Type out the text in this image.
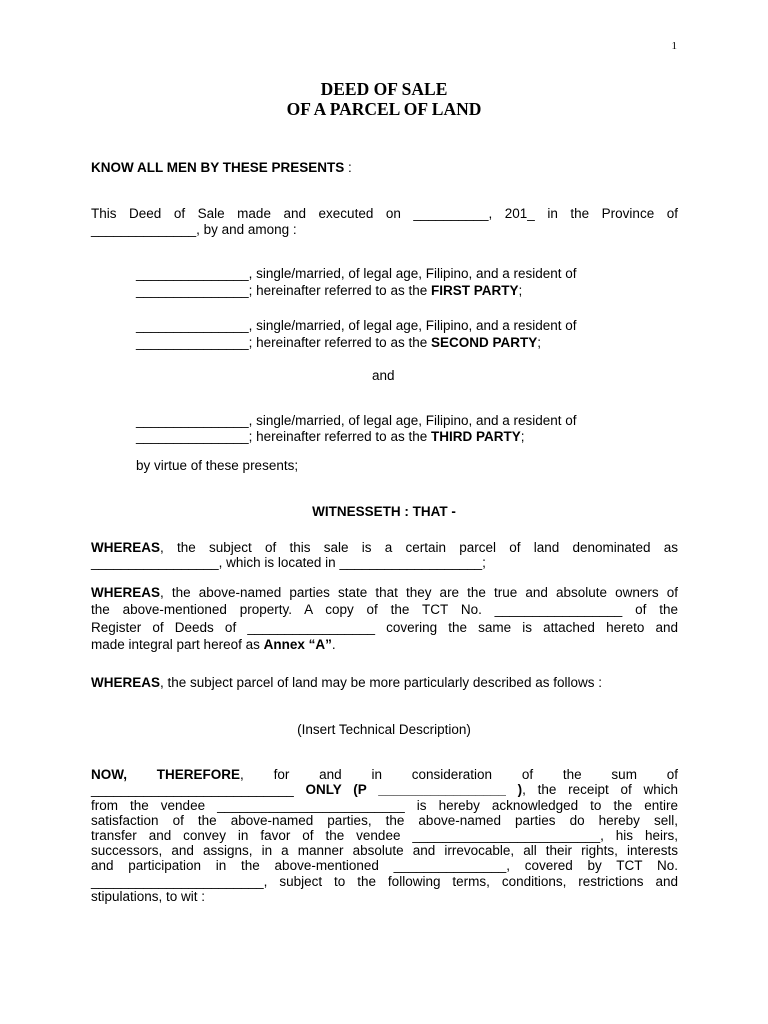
1
DEED OF SALE
OF A PARCEL OF LAND
KNOW ALL MEN BY THESE PRESENTS :
This Deed of Sale made and executed on __________, 201_ in the Province of
______________, by and among :
_______________, single/married, of legal age, Filipino, and a resident of
_______________; hereinafter referred to as the FIRST PARTY;
_______________, single/married, of legal age, Filipino, and a resident of
_______________; hereinafter referred to as the SECOND PARTY;
and
_______________, single/married, of legal age, Filipino, and a resident of
_______________; hereinafter referred to as the THIRD PARTY;
by virtue of these presents;
WITNESSETH : THAT -
WHEREAS, the subject of this sale is a certain parcel of land denominated as
_________________, which is located in ___________________;
WHEREAS, the above-named parties state that they are the true and absolute owners of
the above-mentioned property. A copy of the TCT No. _________________ of the
Register of Deeds of _________________ covering the same is attached hereto and
made integral part hereof as Annex “A”.
WHEREAS, the subject parcel of land may be more particularly described as follows :
(Insert Technical Description)
NOW, THEREFORE, for and in consideration of the sum of
___________________________ ONLY (P _________________ ), the receipt of which
from the vendee _________________________ is hereby acknowledged to the entire
satisfaction of the above-named parties, the above-named parties do hereby sell,
transfer and convey in favor of the vendee _________________________, his heirs,
successors, and assigns, in a manner absolute and irrevocable, all their rights, interests
and participation in the above-mentioned _______________, covered by TCT No.
_______________________, subject to the following terms, conditions, restrictions and
stipulations, to wit :
